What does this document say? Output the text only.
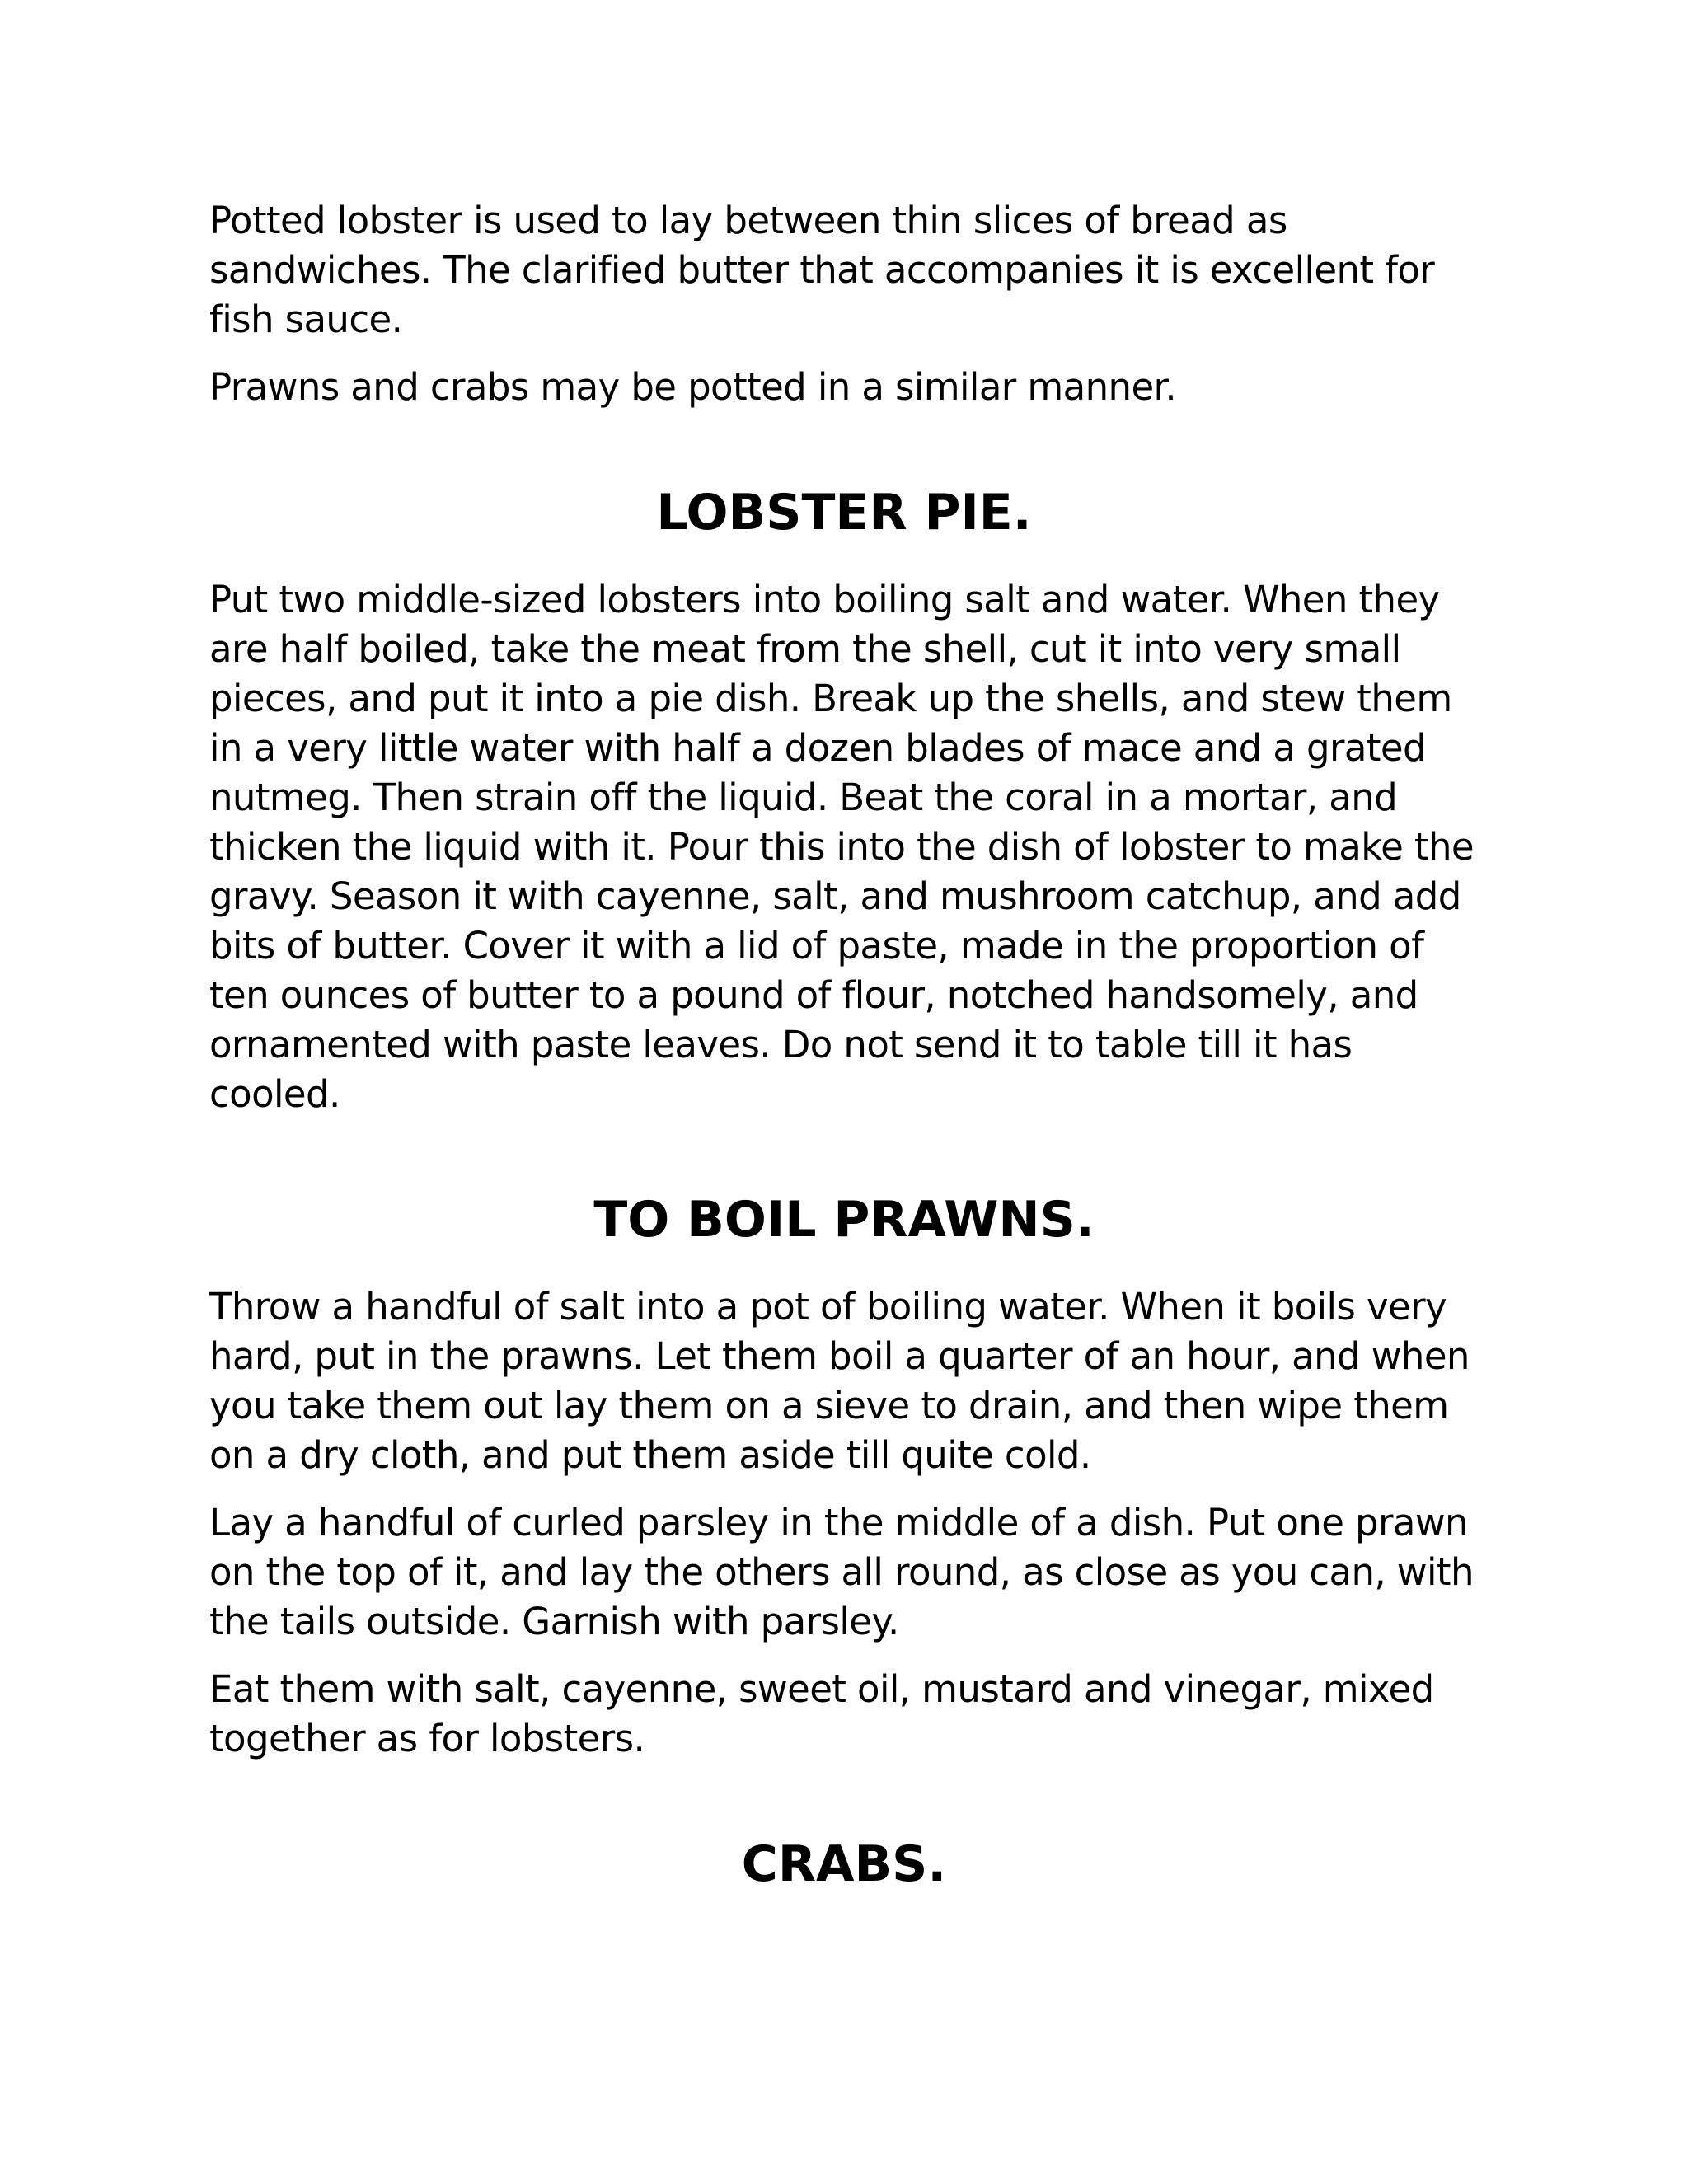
Potted lobster is used to lay between thin slices of bread as sandwiches. The clarified butter that accompanies it is excellent for fish sauce.

Prawns and crabs may be potted in a similar manner.

LOBSTER PIE.

Put two middle-sized lobsters into boiling salt and water. When they are half boiled, take the meat from the shell, cut it into very small pieces, and put it into a pie dish. Break up the shells, and stew them in a very little water with half a dozen blades of mace and a grated nutmeg. Then strain off the liquid. Beat the coral in a mortar, and thicken the liquid with it. Pour this into the dish of lobster to make the gravy. Season it with cayenne, salt, and mushroom catchup, and add bits of butter. Cover it with a lid of paste, made in the proportion of ten ounces of butter to a pound of flour, notched handsomely, and ornamented with paste leaves. Do not send it to table till it has cooled.

TO BOIL PRAWNS.

Throw a handful of salt into a pot of boiling water. When it boils very hard, put in the prawns. Let them boil a quarter of an hour, and when you take them out lay them on a sieve to drain, and then wipe them on a dry cloth, and put them aside till quite cold.

Lay a handful of curled parsley in the middle of a dish. Put one prawn on the top of it, and lay the others all round, as close as you can, with the tails outside. Garnish with parsley.

Eat them with salt, cayenne, sweet oil, mustard and vinegar, mixed together as for lobsters.

CRABS.
